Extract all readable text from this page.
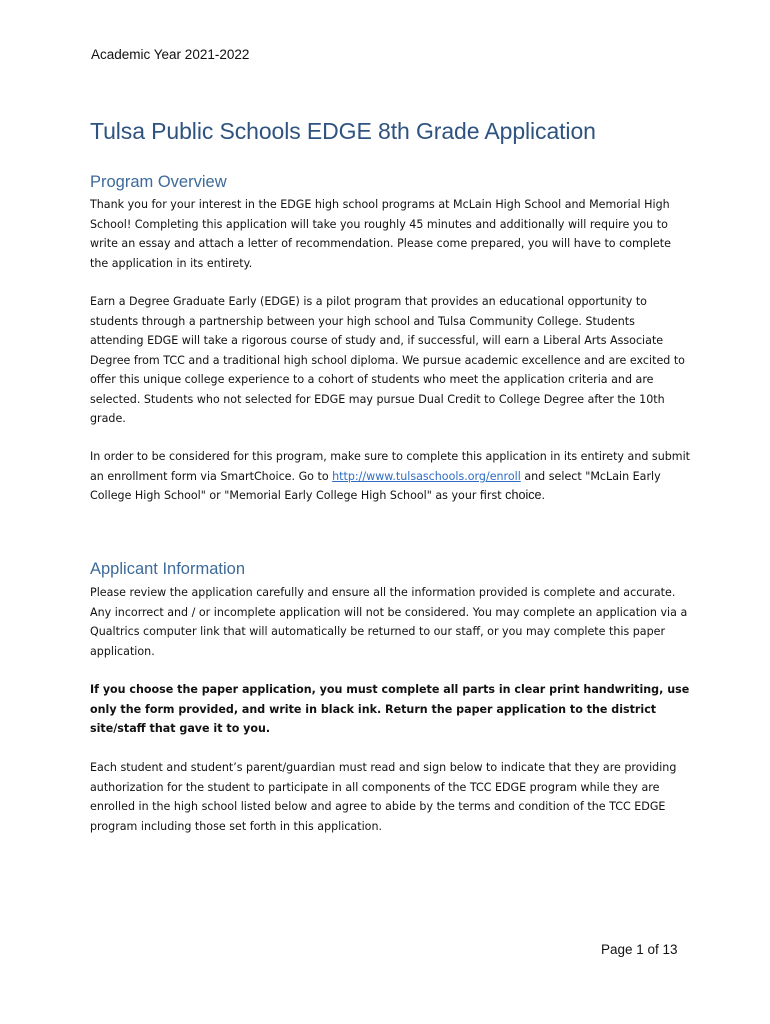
Academic Year 2021-2022
Tulsa Public Schools EDGE 8th Grade Application
Program Overview

Thank you for your interest in the EDGE high school programs at McLain High School and Memorial High School! Completing this application will take you roughly 45 minutes and additionally will require you to write an essay and attach a letter of recommendation. Please come prepared, you will have to complete the application in its entirety.

Earn a Degree Graduate Early (EDGE) is a pilot program that provides an educational opportunity to students through a partnership between your high school and Tulsa Community College. Students attending EDGE will take a rigorous course of study and, if successful, will earn a Liberal Arts Associate Degree from TCC and a traditional high school diploma. We pursue academic excellence and are excited to offer this unique college experience to a cohort of students who meet the application criteria and are selected. Students who not selected for EDGE may pursue Dual Credit to College Degree after the 10th grade.

In order to be considered for this program, make sure to complete this application in its entirety and submit an enrollment form via SmartChoice. Go to http://www.tulsaschools.org/enroll and select "McLain Early College High School" or "Memorial Early College High School" as your first choice.

Applicant Information

Please review the application carefully and ensure all the information provided is complete and accurate. Any incorrect and / or incomplete application will not be considered. You may complete an application via a Qualtrics computer link that will automatically be returned to our staff, or you may complete this paper application.

If you choose the paper application, you must complete all parts in clear print handwriting, use only the form provided, and write in black ink. Return the paper application to the district site/staff that gave it to you.

Each student and student’s parent/guardian must read and sign below to indicate that they are providing authorization for the student to participate in all components of the TCC EDGE program while they are enrolled in the high school listed below and agree to abide by the terms and condition of the TCC EDGE program including those set forth in this application.

Page 1 of 13
